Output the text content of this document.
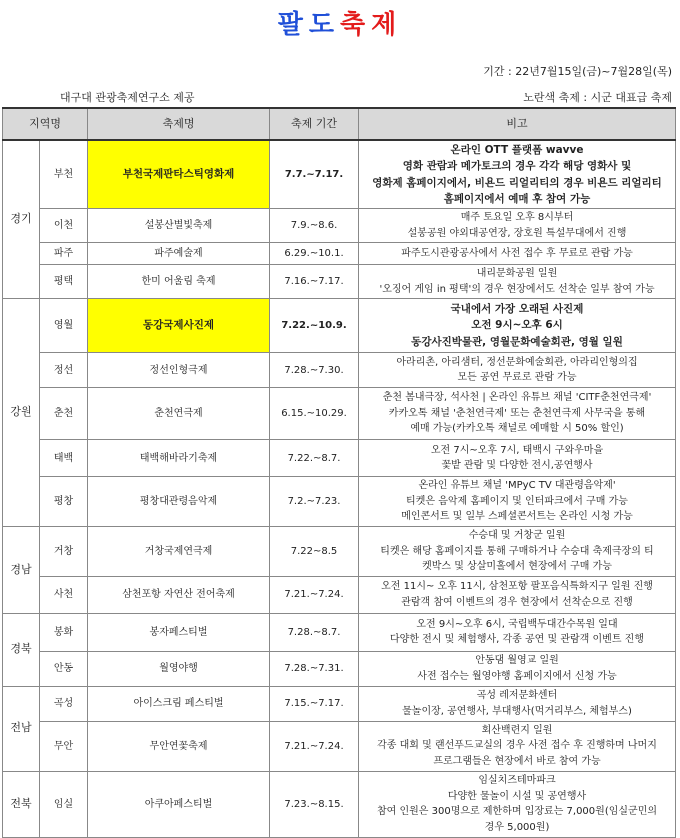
팔도축제
기간 : 22년7월15일(금)~7월28일(목)
대구대 관광축제연구소 제공	노란색 축제 : 시군 대표급 축제
지역명		축제명	축제 기간	비고
경기	부천	부천국제판타스틱영화제	7.7.~7.17.	온라인 OTT 플랫폼 wavve
영화 관람과 메가토크의 경우 각각 해당 영화사 및
영화제 홈페이지에서, 비욘드 리얼리티의 경우 비욘드 리얼리티
홈페이지에서 예매 후 참여 가능

	이천	설봉산별빛축제	7.9.~8.6.	매주 토요일 오후 8시부터
설봉공원 야외대공연장, 장호원 특설무대에서 진행

	파주	파주예술제	6.29.~10.1.	파주도시관광공사에서 사전 접수 후 무료로 관람 가능

	평택	한미 어울림 축제	7.16.~7.17.	내리문화공원 일원
'오징어 게임 in 평택'의 경우 현장에서도 선착순 일부 참여 가능

강원	영월	동강국제사진제	7.22.~10.9.	국내에서 가장 오래된 사진제
오전 9시~오후 6시
동강사진박물관, 영월문화예술회관, 영월 일원

	정선	정선인형극제	7.28.~7.30.	아라리촌, 아리샘터, 정선문화예술회관, 아라리인형의집
모든 공연 무료로 관람 가능

	춘천	춘천연극제	6.15.~10.29.	춘천 봄내극장, 석사천 | 온라인 유튜브 채널 'CITF춘천연극제'
카카오톡 채널 '춘천연극제' 또는 춘천연극제 사무국을 통해
예매 가능(카카오톡 채널로 예매할 시 50% 할인)

	태백	태백해바라기축제	7.22.~8.7.	오전 7시~오후 7시, 태백시 구와우마을
꽃밭 관람 및 다양한 전시,공연행사

	평창	평창대관령음악제	7.2.~7.23.	온라인 유튜브 채널 'MPyC TV 대관령음악제'
티켓은 음악제 홈페이지 및 인터파크에서 구매 가능
메인콘서트 및 일부 스페셜콘서트는 온라인 시청 가능

경남	거창	거창국제연극제	7.22~8.5	수승대 및 거창군 일원
티켓은 해당 홈페이지를 통해 구매하거나 수승대 축제극장의 티
켓박스 및 상살미홀에서 현장에서 구매 가능

	사천	삼천포항 자연산 전어축제	7.21.~7.24.	오전 11시~ 오후 11시, 삼천포항 팔포음식특화지구 일원 진행
관람객 참여 이벤트의 경우 현장에서 선착순으로 진행

경북	봉화	봉자페스티벌	7.28.~8.7.	오전 9시~오후 6시, 국립백두대간수목원 일대
다양한 전시 및 체험행사, 각종 공연 및 관람객 이벤트 진행

	안동	월영야행	7.28.~7.31.	안동댐 월영교 일원
사전 접수는 월영야행 홈페이지에서 신청 가능

전남	곡성	아이스크림 페스티벌	7.15.~7.17.	곡성 레저문화센터
물놀이장, 공연행사, 부대행사(먹거리부스, 체험부스)

	무안	무안연꽃축제	7.21.~7.24.	회산백련지 일원
각종 대회 및 랜선푸드교실의 경우 사전 접수 후 진행하며 나머지
프로그램들은 현장에서 바로 참여 가능

전북	임실	아쿠아페스티벌	7.23.~8.15.	임실치즈테마파크
다양한 물놀이 시설 및 공연행사
참여 인원은 300명으로 제한하며 입장료는 7,000원(임실군민의
경우 5,000원)
